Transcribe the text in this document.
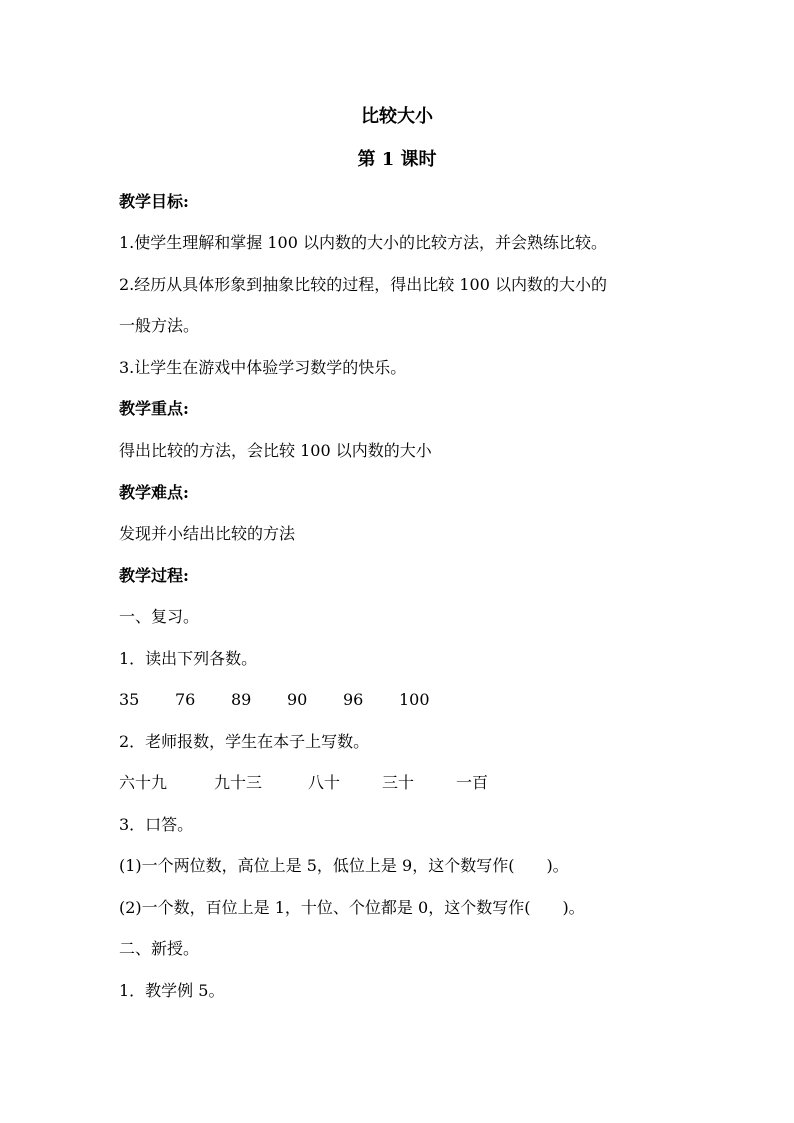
比较大小
第 1 课时
教学目标:
1.使学生理解和掌握 100 以内数的大小的比较方法，并会熟练比较。
2.经历从具体形象到抽象比较的过程，得出比较 100 以内数的大小的
一般方法。
3.让学生在游戏中体验学习数学的快乐。
教学重点:
得出比较的方法，会比较 100 以内数的大小
教学难点:
发现并小结出比较的方法
教学过程:
一、复习。
1．读出下列各数。
35 76 89 90 96 100
2．老师报数，学生在本子上写数。
六十九	九十三	八十	三十	一百
3．口答。
(1)一个两位数，高位上是 5，低位上是 9，这个数写作(　　)。
(2)一个数，百位上是 1，十位、个位都是 0，这个数写作(　　)。
二、新授。
1．教学例 5。
